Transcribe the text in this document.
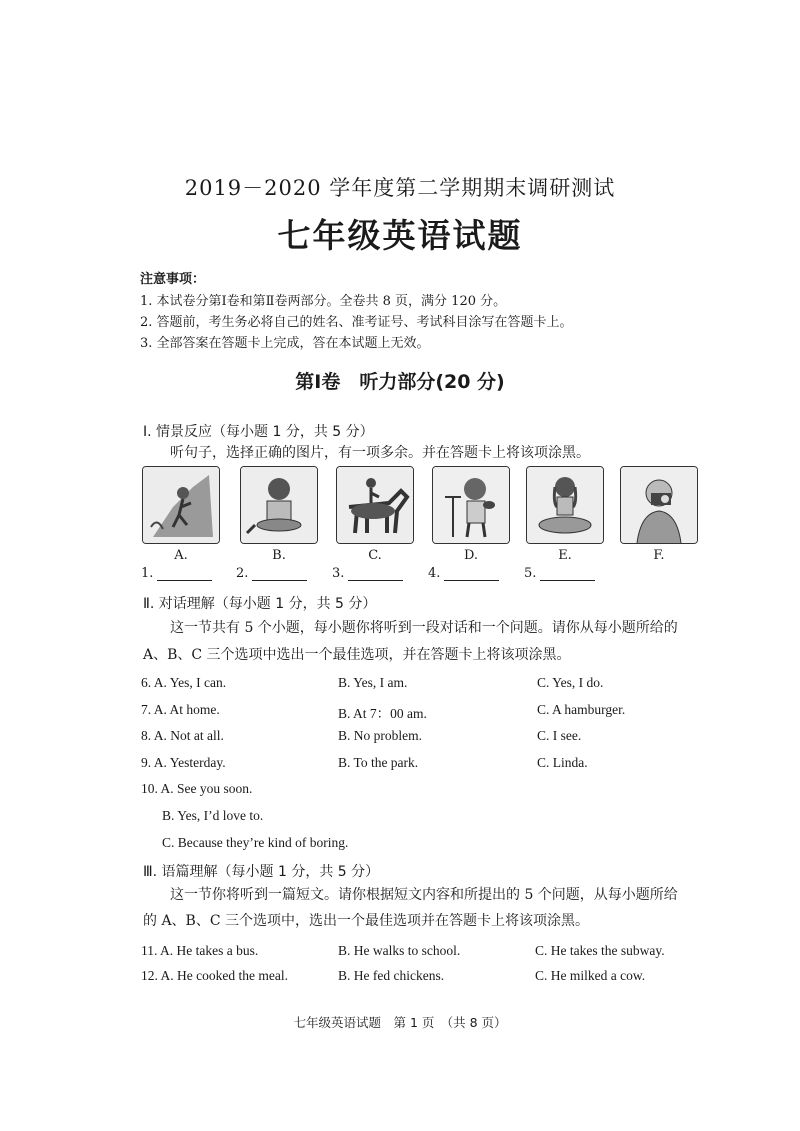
2019－2020 学年度第二学期期末调研测试
七年级英语试题
注意事项：
1. 本试卷分第Ⅰ卷和第Ⅱ卷两部分。全卷共 8 页，满分 120 分。
2. 答题前，考生务必将自己的姓名、准考证号、考试科目涂写在答题卡上。
3. 全部答案在答题卡上完成，答在本试题上无效。
第Ⅰ卷　听力部分(20 分)
Ⅰ. 情景反应（每小题 1 分，共 5 分）
听句子，选择正确的图片，有一项多余。并在答题卡上将该项涂黑。
A.	B.	C.	D.	E.	F.
1.	2.	3.	4.	5.
Ⅱ. 对话理解（每小题 1 分，共 5 分）
这一节共有 5 个小题，每小题你将听到一段对话和一个问题。请你从每小题所给的
A、B、C 三个选项中选出一个最佳选项，并在答题卡上将该项涂黑。
6. A. Yes, I can.	B. Yes, I am.	C. Yes, I do.
7. A. At home.	B. At 7：00 am.	C. A hamburger.
8. A. Not at all.	B. No problem.	C. I see.
9. A. Yesterday.	B. To the park.	C. Linda.
10. A. See you soon.
B. Yes, I’d love to.
C. Because they’re kind of boring.
Ⅲ. 语篇理解（每小题 1 分，共 5 分）
这一节你将听到一篇短文。请你根据短文内容和所提出的 5 个问题，从每小题所给
的 A、B、C 三个选项中，选出一个最佳选项并在答题卡上将该项涂黑。
11. A. He takes a bus.	B. He walks to school.	C. He takes the subway.
12. A. He cooked the meal.	B. He fed chickens.	C. He milked a cow.
七年级英语试题　第 1 页　（共 8 页）
